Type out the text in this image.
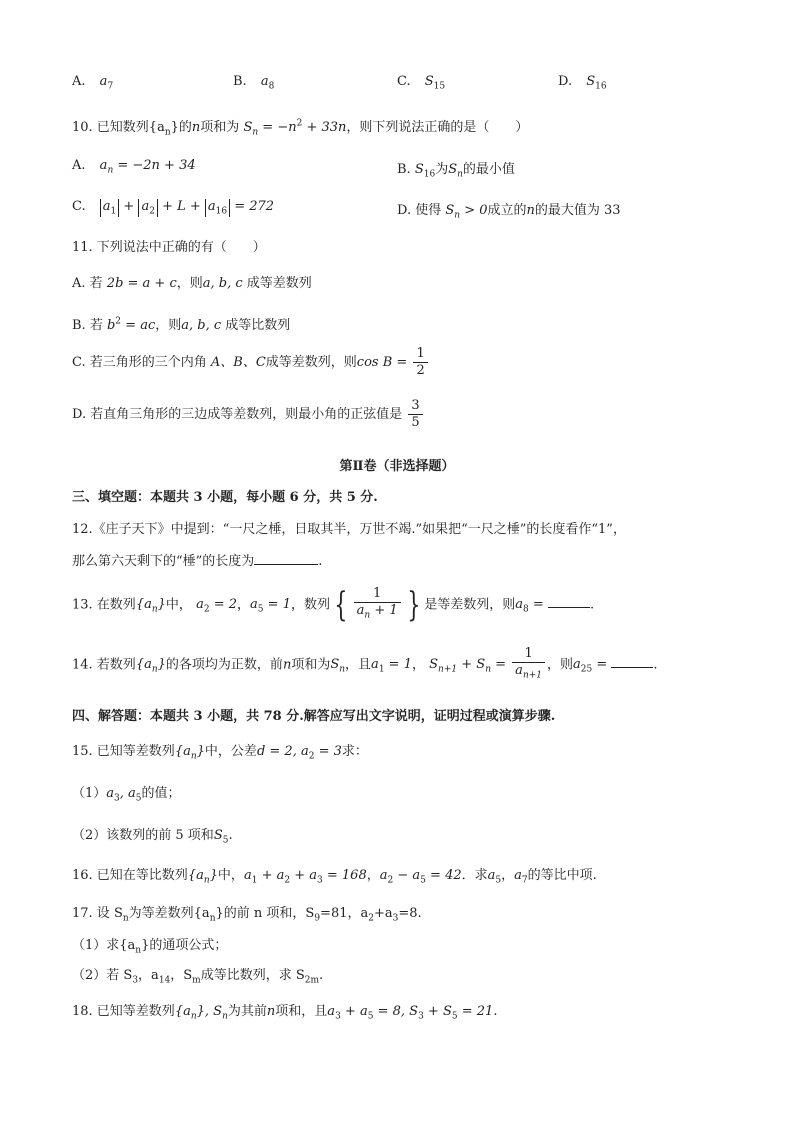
A. $a_7$	B. $a_8$	C. $S_{15}$	D. $S_{16}$
10. 已知数列$\{a_n\}$的n项和为 $S_n = -n^2 + 33n$，则下列说法正确的是（　　）
A. $a_n = -2n + 34$	B. $S_{16}$为$S_n$的最小值
C. $a_1 + a_2 + L + a_{16} = 272$	D. 使得 $S_n > 0$成立的n的最大值为 33
11. 下列说法中正确的有（　　）
A. 若 2b = a + c，则a, b, c 成等差数列
B. 若 $b^2$ = ac，则a, b, c 成等比数列
C. 若三角形的三个内角 A、B、C成等差数列，则$\cos B = \frac{1}{2}$
D. 若直角三角形的三边成等差数列，则最小角的正弦值是 $\frac{3}{5}$
第Ⅱ卷（非选择题）
三、填空题：本题共 3 小题，每小题 6 分，共 5 分.
12.《庄子天下》中提到：“一尺之棰，日取其半，万世不竭.”如果把“一尺之棰”的长度看作“1”，
那么第六天剩下的“棰”的长度为	.
13. 在数列$\{a_n\}$中， $a_2 = 2$，$a_5 = 1$，数列 { $\frac{1}{a_n + 1}$ } 是等差数列，则$a_8$ =	.
14. 若数列$\{a_n\}$的各项均为正数，前n项和为$S_n$，且$a_1 = 1$， $S_{n+1} + S_n = \frac{1}{a_{n+1}}$ ，则$a_{25}$ =	.
四、解答题：本题共 3 小题，共 78 分.解答应写出文字说明，证明过程或演算步骤.
15. 已知等差数列$\{a_n\}$中，公差d = 2, $a_2 = 3$求：
$(1)a_3$, $a_5$的值；
（2）该数列的前 5 项和$S_5$.
16. 已知在等比数列$\{a_n\}$中，$a_1 + a_2 + a_3 = 168$，$a_2 - a_5 = 42$．求$a_5$，$a_7$的等比中项.
17. 设 $S_n$为等差数列$\{a_n\}$的前 n 项和，$S_9=81$，$a_2+a_3=8$.
（1）求$\{a_n\}$的通项公式；
（2）若 $S_3$，$a_{14}$，$S_m$成等比数列，求 $S_{2m}$.
18. 已知等差数列$\{a_n\}$, $S_n$为其前n项和，且$a_3 + a_5 = 8$, $S_3 + S_5 = 21$.
